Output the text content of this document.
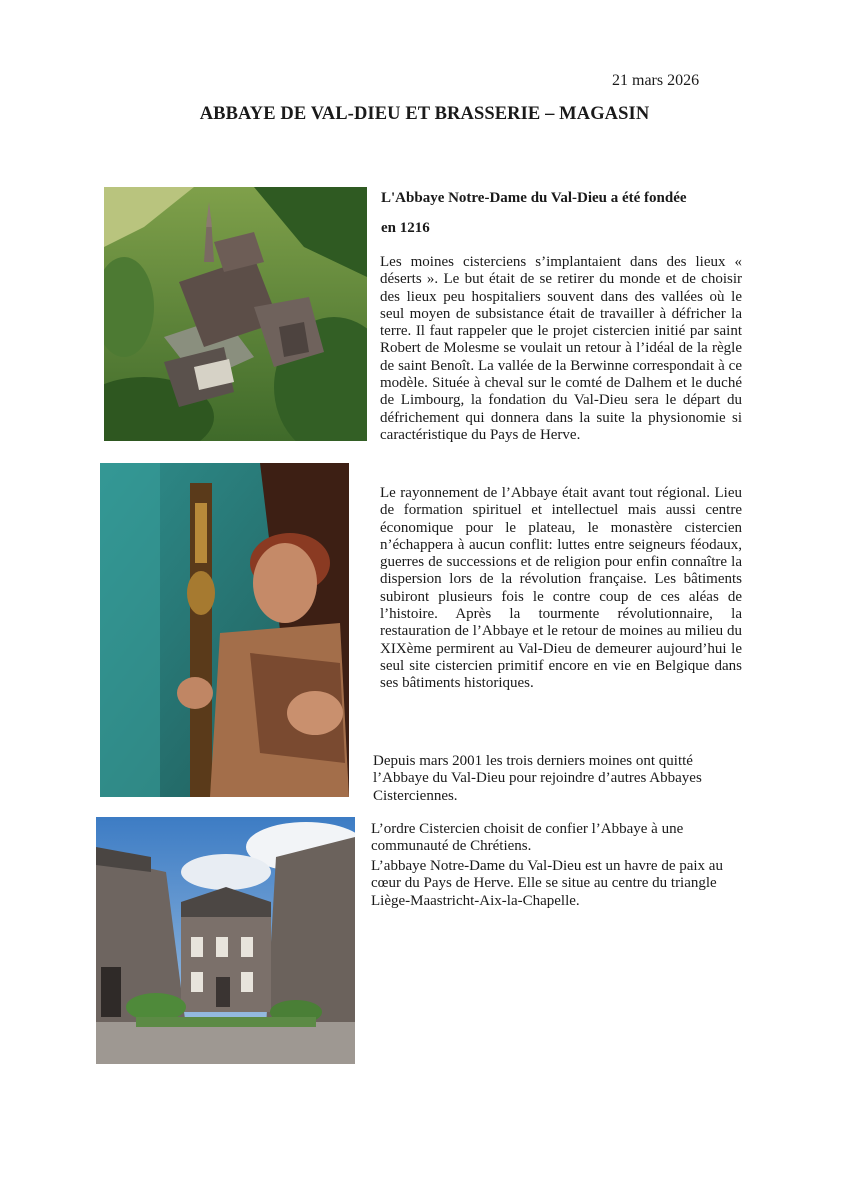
21 mars 2026
ABBAYE DE VAL-DIEU ET BRASSERIE – MAGASIN
L'Abbaye Notre-Dame du Val-Dieu a été fondée
en 1216

Les moines cisterciens s’implantaient dans des lieux « déserts ». Le but était de se retirer du monde et de choisir des lieux peu hospitaliers souvent dans des vallées où le seul moyen de subsistance était de travailler à défricher la terre. Il faut rappeler que le projet cistercien initié par saint Robert de Molesme se voulait un retour à l’idéal de la règle de saint Benoît. La vallée de la Berwinne correspondait à ce modèle. Située à cheval sur le comté de Dalhem et le duché de Limbourg, la fondation du Val-Dieu sera le départ du défrichement qui donnera dans la suite la physionomie si caractéristique du Pays de Herve.

Le rayonnement de l’Abbaye était avant tout régional. Lieu de formation spirituel et intellectuel mais aussi centre économique pour le plateau, le monastère cistercien n’échappera à aucun conflit: luttes entre seigneurs féodaux, guerres de successions et de religion pour enfin connaître la dispersion lors de la révolution française. Les bâtiments subiront plusieurs fois le contre coup de ces aléas de l’histoire. Après la tourmente révolutionnaire, la restauration de l’Abbaye et le retour de moines au milieu du XIXème permirent au Val-Dieu de demeurer aujourd’hui le seul site cistercien primitif encore en vie en Belgique dans ses bâtiments historiques.

Depuis mars 2001 les trois derniers moines ont quitté l’Abbaye du Val-Dieu pour rejoindre d’autres Abbayes Cisterciennes.

L’ordre Cistercien choisit de confier l’Abbaye à une communauté de Chrétiens.

L’abbaye Notre-Dame du Val-Dieu est un havre de paix au cœur du Pays de Herve. Elle se situe au centre du triangle Liège-Maastricht-Aix-la-Chapelle.
